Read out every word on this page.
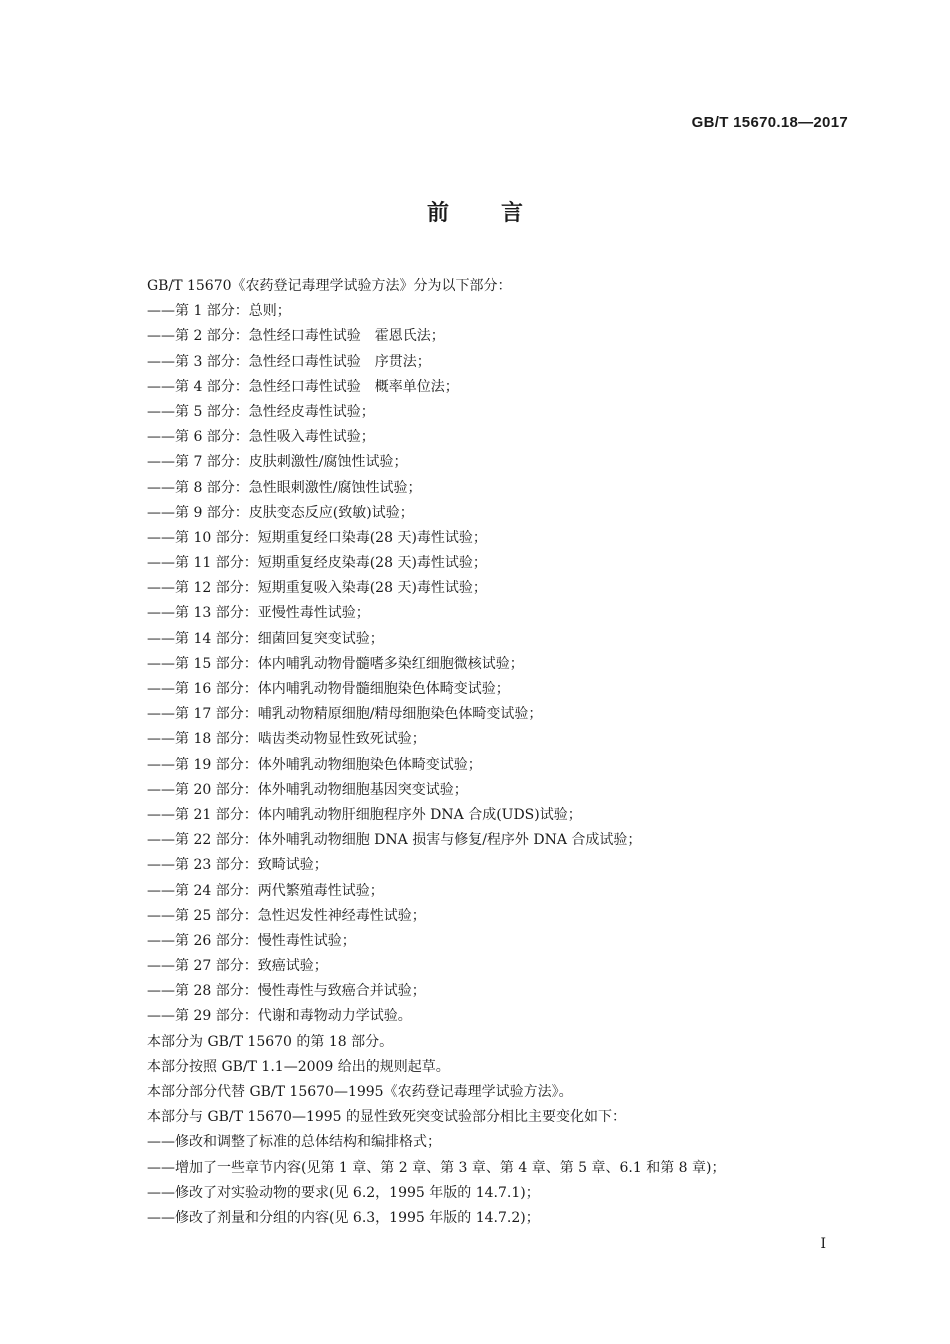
GB/T 15670.18—2017
前 言
GB/T 15670《农药登记毒理学试验方法》分为以下部分：
——第 1 部分：总则；
——第 2 部分：急性经口毒性试验　霍恩氏法；
——第 3 部分：急性经口毒性试验　序贯法；
——第 4 部分：急性经口毒性试验　概率单位法；
——第 5 部分：急性经皮毒性试验；
——第 6 部分：急性吸入毒性试验；
——第 7 部分：皮肤刺激性/腐蚀性试验；
——第 8 部分：急性眼刺激性/腐蚀性试验；
——第 9 部分：皮肤变态反应(致敏)试验；
——第 10 部分：短期重复经口染毒(28 天)毒性试验；
——第 11 部分：短期重复经皮染毒(28 天)毒性试验；
——第 12 部分：短期重复吸入染毒(28 天)毒性试验；
——第 13 部分：亚慢性毒性试验；
——第 14 部分：细菌回复突变试验；
——第 15 部分：体内哺乳动物骨髓嗜多染红细胞微核试验；
——第 16 部分：体内哺乳动物骨髓细胞染色体畸变试验；
——第 17 部分：哺乳动物精原细胞/精母细胞染色体畸变试验；
——第 18 部分：啮齿类动物显性致死试验；
——第 19 部分：体外哺乳动物细胞染色体畸变试验；
——第 20 部分：体外哺乳动物细胞基因突变试验；
——第 21 部分：体内哺乳动物肝细胞程序外 DNA 合成(UDS)试验；
——第 22 部分：体外哺乳动物细胞 DNA 损害与修复/程序外 DNA 合成试验；
——第 23 部分：致畸试验；
——第 24 部分：两代繁殖毒性试验；
——第 25 部分：急性迟发性神经毒性试验；
——第 26 部分：慢性毒性试验；
——第 27 部分：致癌试验；
——第 28 部分：慢性毒性与致癌合并试验；
——第 29 部分：代谢和毒物动力学试验。
本部分为 GB/T 15670 的第 18 部分。
本部分按照 GB/T 1.1—2009 给出的规则起草。
本部分部分代替 GB/T 15670—1995《农药登记毒理学试验方法》。
本部分与 GB/T 15670—1995 的显性致死突变试验部分相比主要变化如下：
——修改和调整了标准的总体结构和编排格式；
——增加了一些章节内容(见第 1 章、第 2 章、第 3 章、第 4 章、第 5 章、6.1 和第 8 章)；
——修改了对实验动物的要求(见 6.2，1995 年版的 14.7.1)；
——修改了剂量和分组的内容(见 6.3，1995 年版的 14.7.2)；
I
